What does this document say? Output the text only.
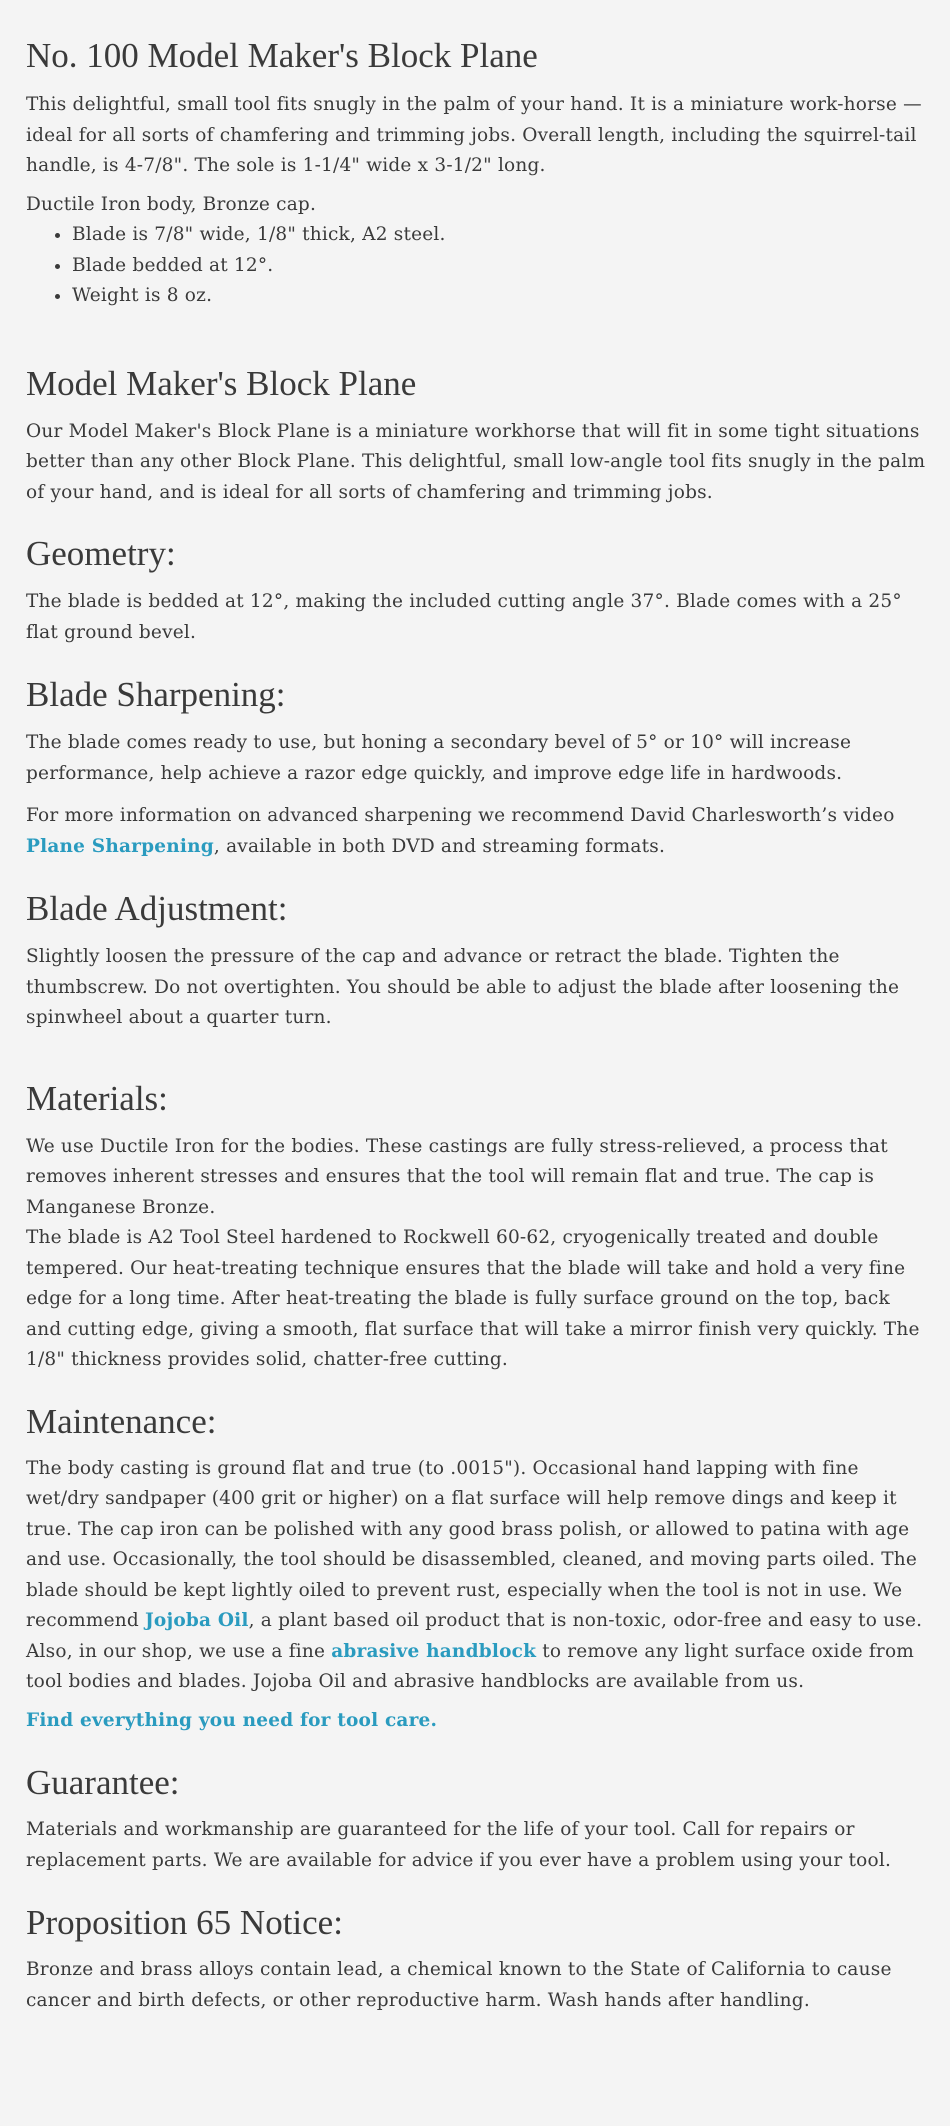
No. 100 Model Maker's Block Plane

This delightful, small tool fits snugly in the palm of your hand. It is a miniature work-horse — ideal for all sorts of chamfering and trimming jobs. Overall length, including the squirrel-tail handle, is 4-7/8". The sole is 1-1/4" wide x 3-1/2" long.

Ductile Iron body, Bronze cap.

• Blade is 7/8" wide, 1/8" thick, A2 steel.
• Blade bedded at 12°.
• Weight is 8 oz.
Model Maker's Block Plane

Our Model Maker's Block Plane is a miniature workhorse that will fit in some tight situations better than any other Block Plane. This delightful, small low-angle tool fits snugly in the palm of your hand, and is ideal for all sorts of chamfering and trimming jobs.

Geometry:

The blade is bedded at 12°, making the included cutting angle 37°. Blade comes with a 25° flat ground bevel.

Blade Sharpening:

The blade comes ready to use, but honing a secondary bevel of 5° or 10° will increase performance, help achieve a razor edge quickly, and improve edge life in hardwoods.

For more information on advanced sharpening we recommend David Charlesworth’s video Plane Sharpening, available in both DVD and streaming formats.

Blade Adjustment:

Slightly loosen the pressure of the cap and advance or retract the blade. Tighten the thumbscrew. Do not overtighten. You should be able to adjust the blade after loosening the spinwheel about a quarter turn.

Materials:

We use Ductile Iron for the bodies. These castings are fully stress-relieved, a process that removes inherent stresses and ensures that the tool will remain flat and true. The cap is Manganese Bronze.

The blade is A2 Tool Steel hardened to Rockwell 60-62, cryogenically treated and double tempered. Our heat-treating technique ensures that the blade will take and hold a very fine edge for a long time. After heat-treating the blade is fully surface ground on the top, back and cutting edge, giving a smooth, flat surface that will take a mirror finish very quickly. The 1/8" thickness provides solid, chatter-free cutting.

Maintenance:

The body casting is ground flat and true (to .0015"). Occasional hand lapping with fine wet/dry sandpaper (400 grit or higher) on a flat surface will help remove dings and keep it true. The cap iron can be polished with any good brass polish, or allowed to patina with age and use. Occasionally, the tool should be disassembled, cleaned, and moving parts oiled. The blade should be kept lightly oiled to prevent rust, especially when the tool is not in use. We recommend Jojoba Oil, a plant based oil product that is non-toxic, odor-free and easy to use. Also, in our shop, we use a fine abrasive handblock to remove any light surface oxide from tool bodies and blades. Jojoba Oil and abrasive handblocks are available from us.

Find everything you need for tool care.

Guarantee:

Materials and workmanship are guaranteed for the life of your tool. Call for repairs or replacement parts. We are available for advice if you ever have a problem using your tool.

Proposition 65 Notice:

Bronze and brass alloys contain lead, a chemical known to the State of California to cause cancer and birth defects, or other reproductive harm. Wash hands after handling.
